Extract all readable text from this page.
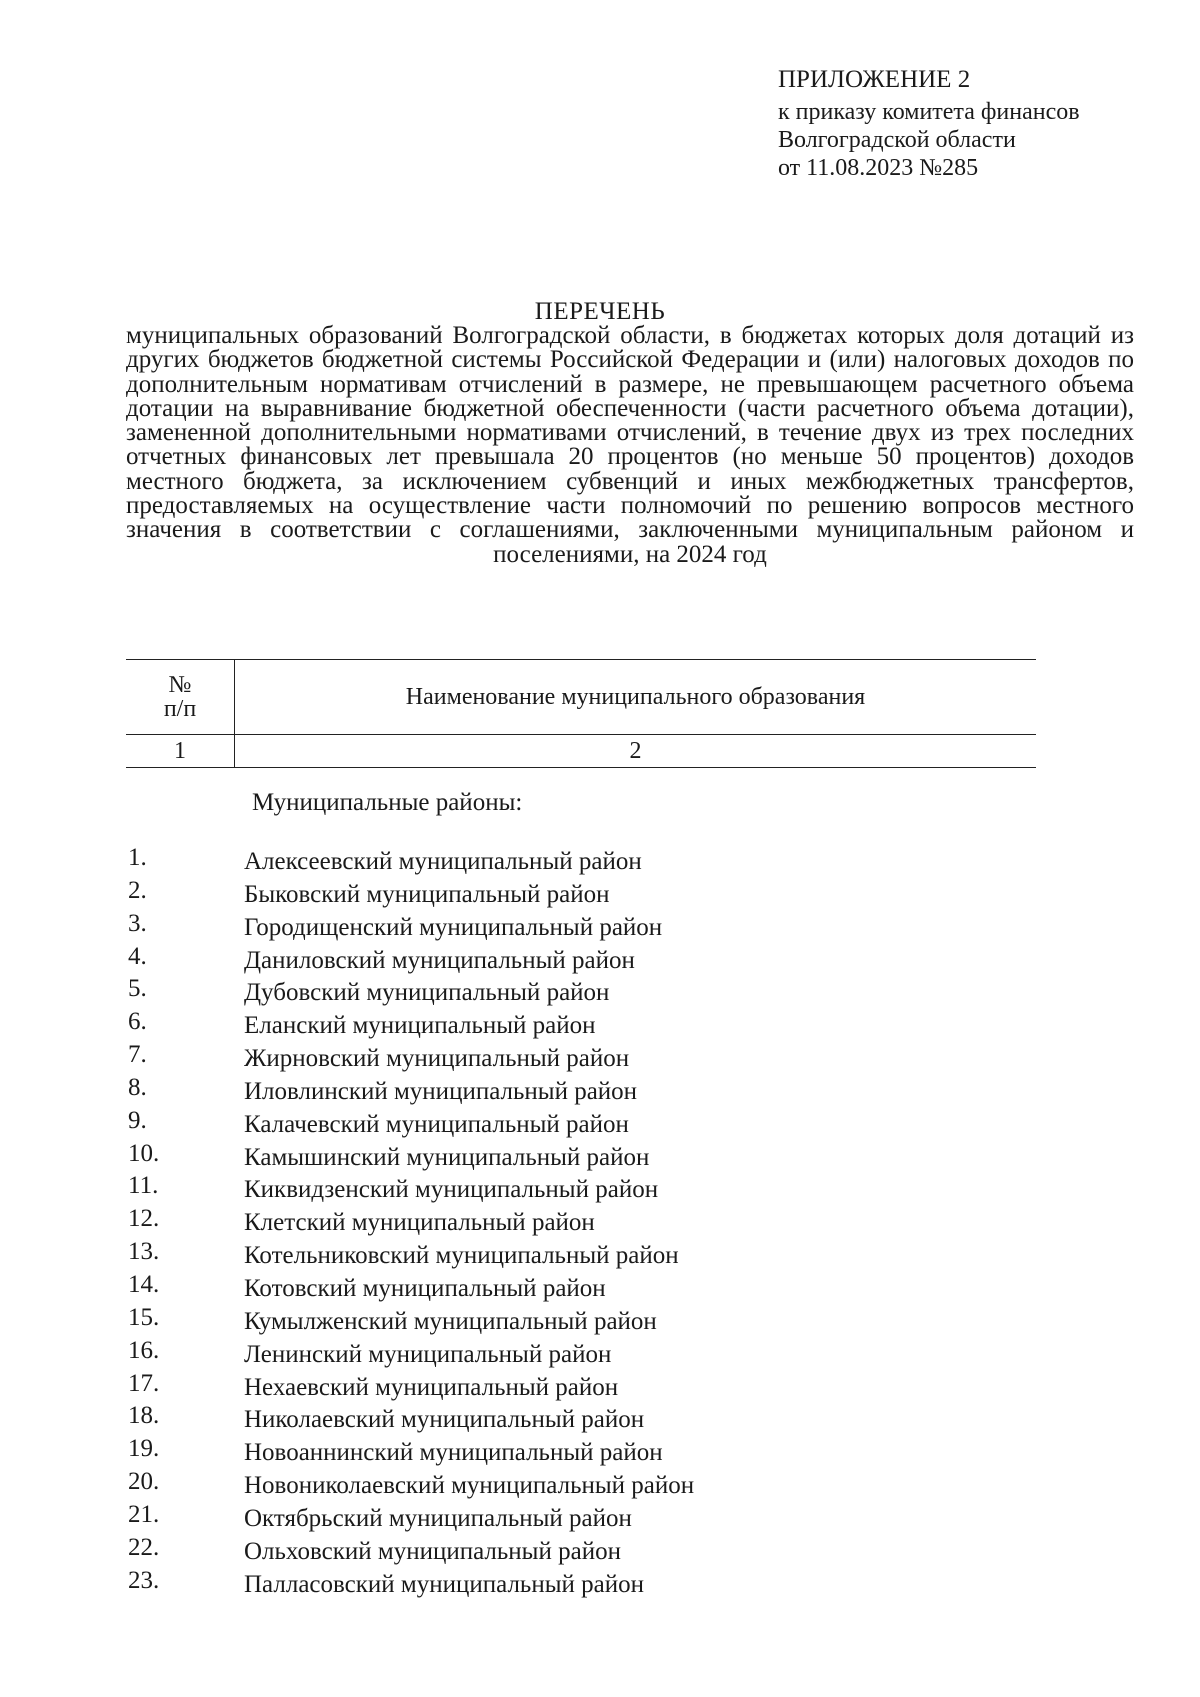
ПРИЛОЖЕНИЕ 2
к приказу комитета финансов
Волгоградской области
от 11.08.2023 №285
ПЕРЕЧЕНЬ
муниципальных образований Волгоградской области, в бюджетах которых доля дотаций из других бюджетов бюджетной системы Российской Федерации и (или) налоговых доходов по дополнительным нормативам отчислений в размере, не превышающем расчетного объема дотации на выравнивание бюджетной обеспеченности (части расчетного объема дотации), замененной дополнительными нормативами отчислений, в течение двух из трех последних отчетных финансовых лет превышала 20 процентов (но меньше 50 процентов) доходов местного бюджета, за исключением субвенций и иных межбюджетных трансфертов, предоставляемых на осуществление части полномочий по решению вопросов местного значения в соответствии с соглашениями, заключенными муниципальным районом и поселениями, на 2024 год
№
п/п	Наименование муниципального образования
1	2
Муниципальные районы:
1.	Алексеевский муниципальный район
2.	Быковский муниципальный район
3.	Городищенский муниципальный район
4.	Даниловский муниципальный район
5.	Дубовский муниципальный район
6.	Еланский муниципальный район
7.	Жирновский муниципальный район
8.	Иловлинский муниципальный район
9.	Калачевский муниципальный район
10.	Камышинский муниципальный район
11.	Киквидзенский муниципальный район
12.	Клетский муниципальный район
13.	Котельниковский муниципальный район
14.	Котовский муниципальный район
15.	Кумылженский муниципальный район
16.	Ленинский муниципальный район
17.	Нехаевский муниципальный район
18.	Николаевский муниципальный район
19.	Новоаннинский муниципальный район
20.	Новониколаевский муниципальный район
21.	Октябрьский муниципальный район
22.	Ольховский муниципальный район
23.	Палласовский муниципальный район
